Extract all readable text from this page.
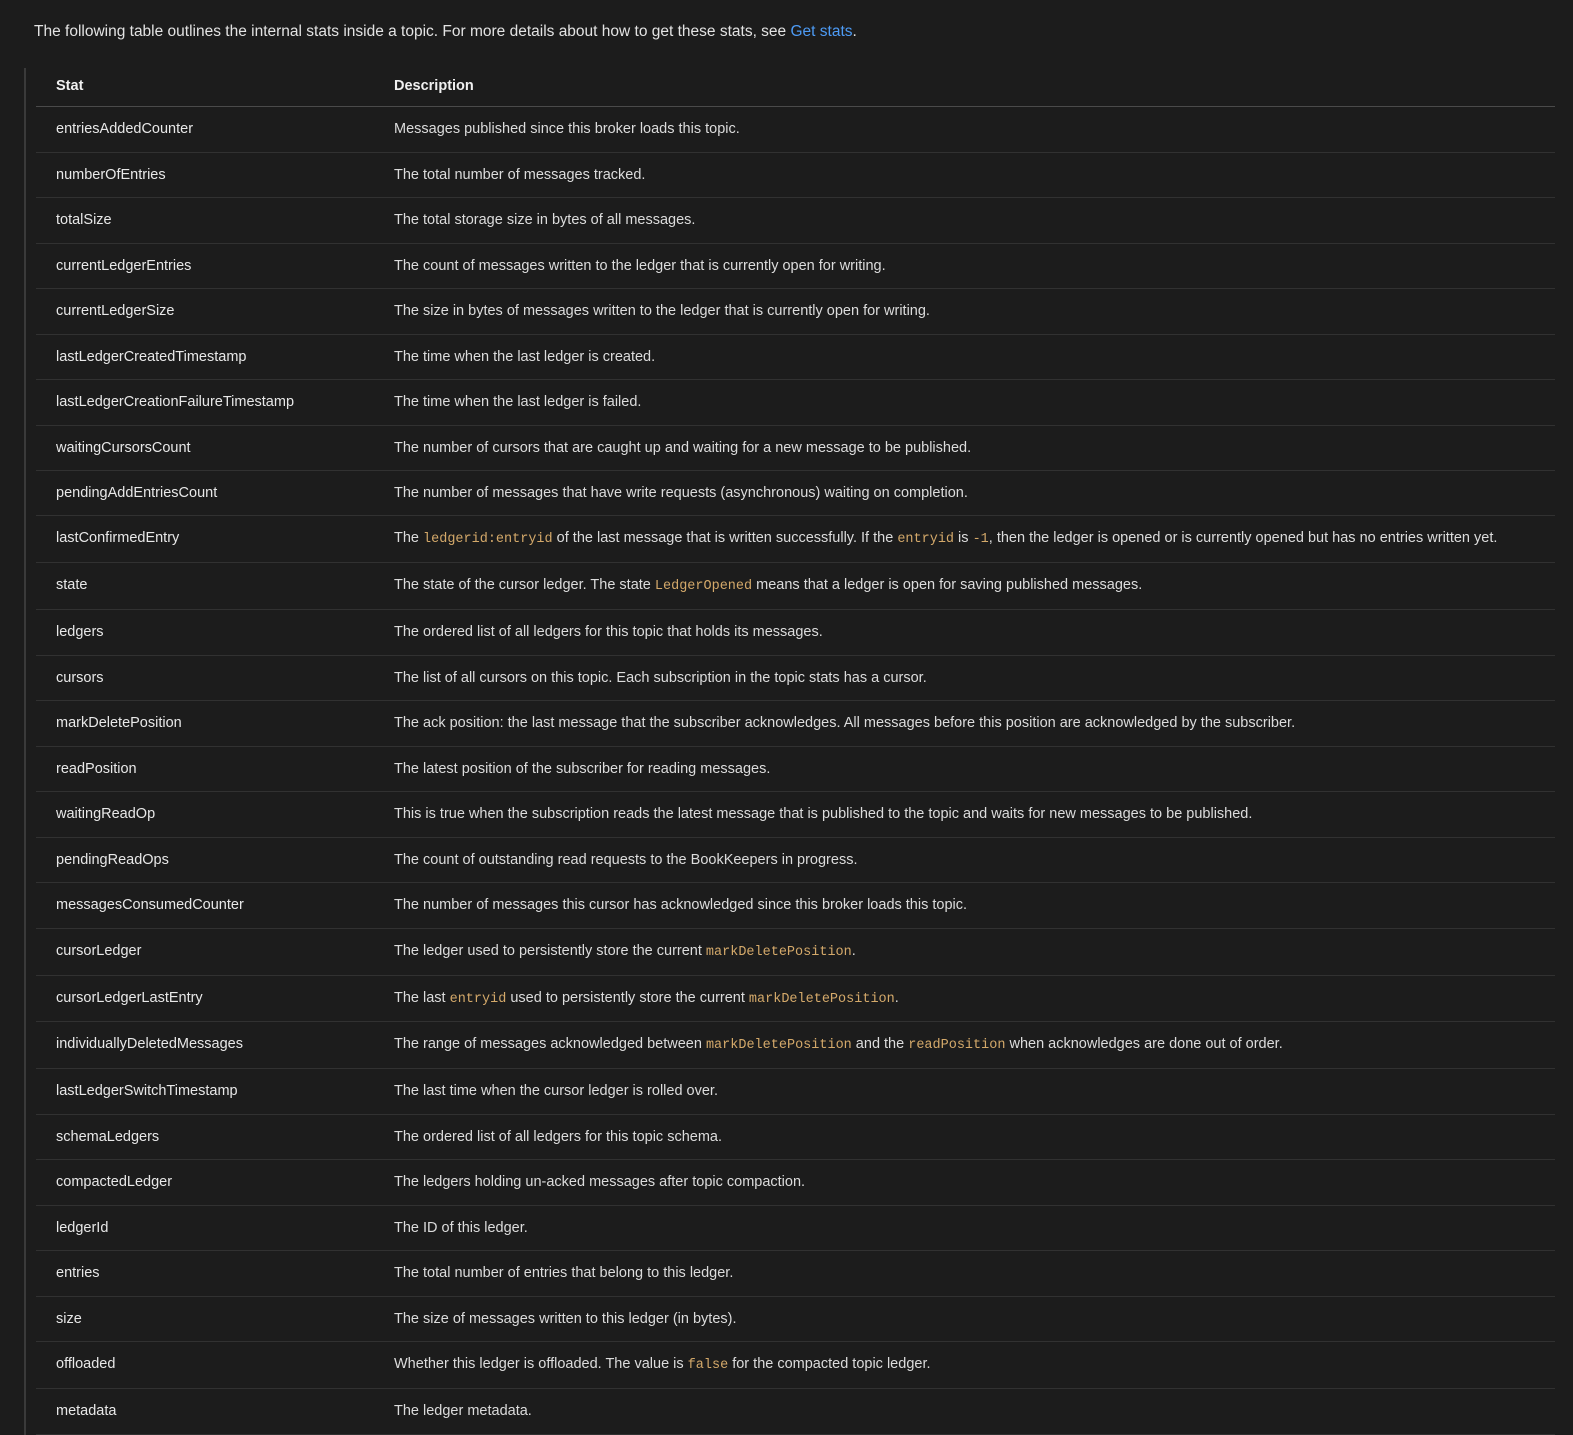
The following table outlines the internal stats inside a topic. For more details about how to get these stats, see Get stats.

Stat	Description
entriesAddedCounter	Messages published since this broker loads this topic.
numberOfEntries	The total number of messages tracked.
totalSize	The total storage size in bytes of all messages.
currentLedgerEntries	The count of messages written to the ledger that is currently open for writing.
currentLedgerSize	The size in bytes of messages written to the ledger that is currently open for writing.
lastLedgerCreatedTimestamp	The time when the last ledger is created.
lastLedgerCreationFailureTimestamp	The time when the last ledger is failed.
waitingCursorsCount	The number of cursors that are caught up and waiting for a new message to be published.
pendingAddEntriesCount	The number of messages that have write requests (asynchronous) waiting on completion.
lastConfirmedEntry	The ledgerid:entryid of the last message that is written successfully. If the entryid is -1, then the ledger is opened or is currently opened but has no entries written yet.
state	The state of the cursor ledger. The state LedgerOpened means that a ledger is open for saving published messages.
ledgers	The ordered list of all ledgers for this topic that holds its messages.
cursors	The list of all cursors on this topic. Each subscription in the topic stats has a cursor.
markDeletePosition	The ack position: the last message that the subscriber acknowledges. All messages before this position are acknowledged by the subscriber.
readPosition	The latest position of the subscriber for reading messages.
waitingReadOp	This is true when the subscription reads the latest message that is published to the topic and waits for new messages to be published.
pendingReadOps	The count of outstanding read requests to the BookKeepers in progress.
messagesConsumedCounter	The number of messages this cursor has acknowledged since this broker loads this topic.
cursorLedger	The ledger used to persistently store the current markDeletePosition.
cursorLedgerLastEntry	The last entryid used to persistently store the current markDeletePosition.
individuallyDeletedMessages	The range of messages acknowledged between markDeletePosition and the readPosition when acknowledges are done out of order.
lastLedgerSwitchTimestamp	The last time when the cursor ledger is rolled over.
schemaLedgers	The ordered list of all ledgers for this topic schema.
compactedLedger	The ledgers holding un-acked messages after topic compaction.
ledgerId	The ID of this ledger.
entries	The total number of entries that belong to this ledger.
size	The size of messages written to this ledger (in bytes).
offloaded	Whether this ledger is offloaded. The value is false for the compacted topic ledger.
metadata	The ledger metadata.
